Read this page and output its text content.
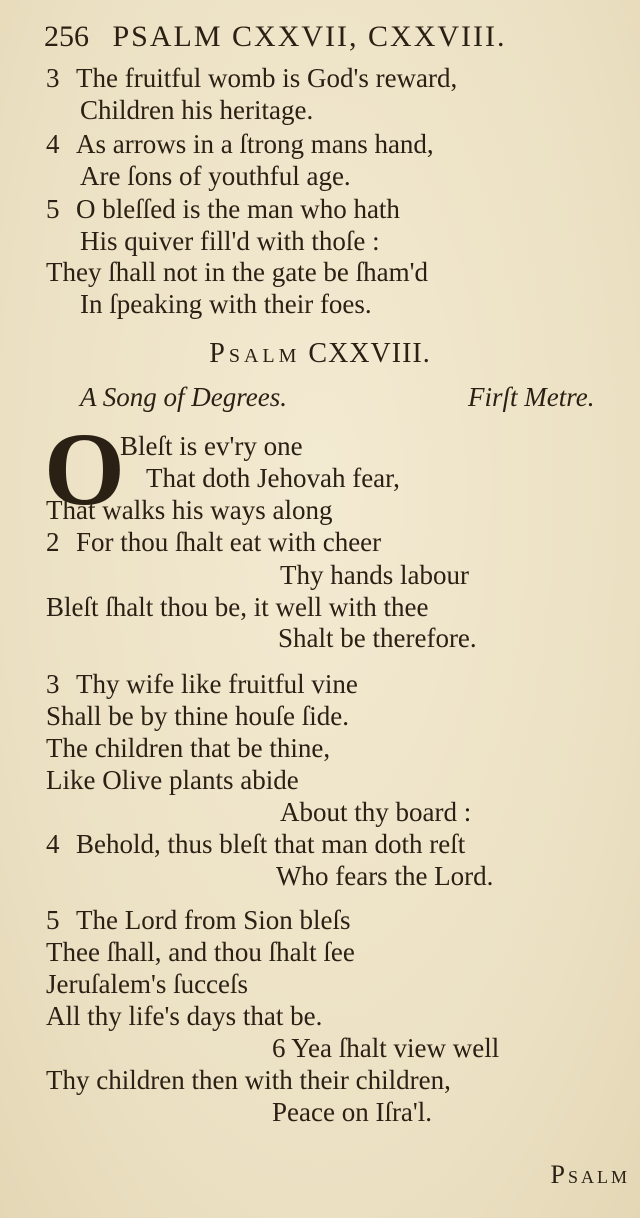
256 PSALM CXXVII, CXXVIII.
3 The fruitful womb is God's reward,
Children his heritage.
4 As arrows in a ſtrong mans hand,
Are ſons of youthful age.
5 O bleſſed is the man who hath
His quiver fill'd with thoſe :
They ſhall not in the gate be ſham'd
In ſpeaking with their foes.
Psalm CXXVIII.
A Song of Degrees.	Firſt Metre.
O
Bleſt is ev'ry one
That doth Jehovah fear,
That walks his ways along
2 For thou ſhalt eat with cheer
Thy hands labour
Bleſt ſhalt thou be, it well with thee
Shalt be therefore.
3 Thy wife like fruitful vine
Shall be by thine houſe ſide.
The children that be thine,
Like Olive plants abide
About thy board :
4 Behold, thus bleſt that man doth reſt
Who fears the Lord.
5 The Lord from Sion bleſs
Thee ſhall, and thou ſhalt ſee
Jeruſalem's ſucceſs
All thy life's days that be.
6 Yea ſhalt view well
Thy children then with their children,
Peace on Iſra'l.
Psalm
